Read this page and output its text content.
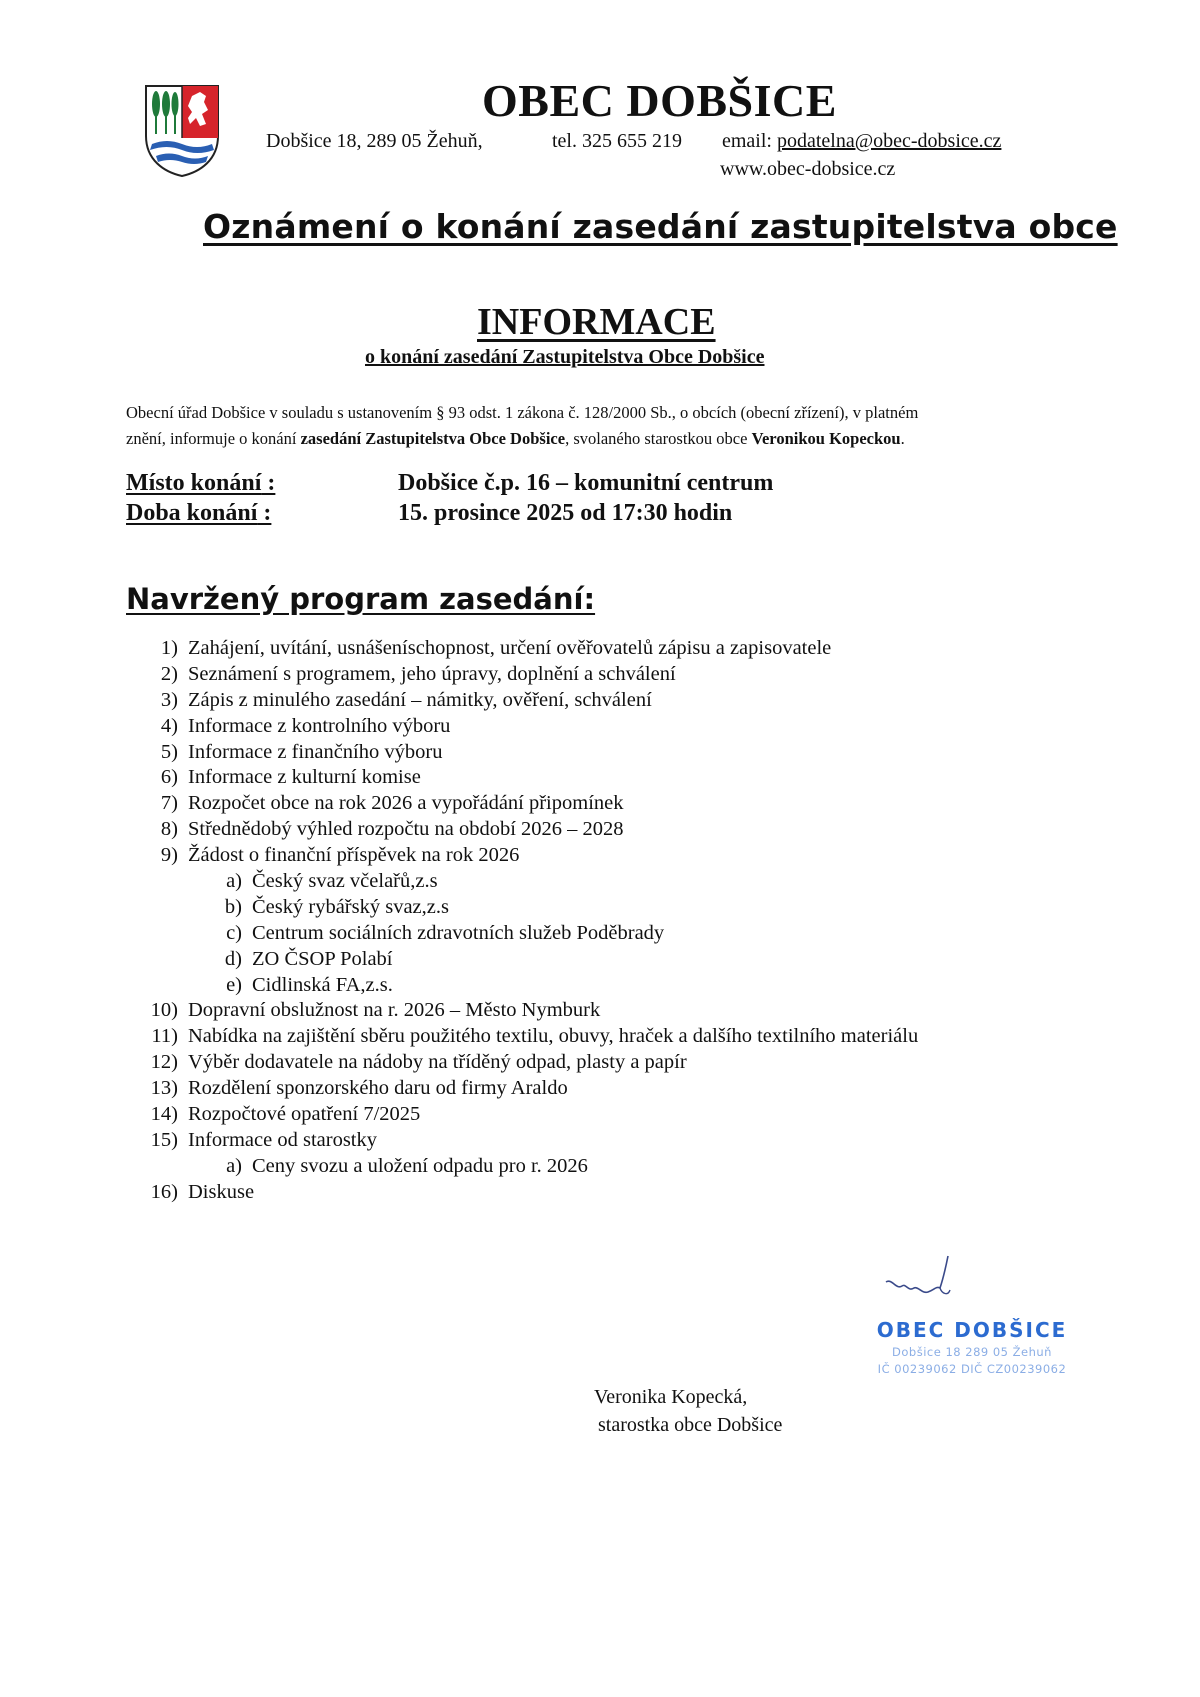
OBEC DOBŠICE
Dobšice 18, 289 05 Žehuň,	tel. 325 655 219 email: podatelna@obec-dobsice.cz
www.obec-dobsice.cz
Oznámení o konání zasedání zastupitelstva obce
INFORMACE
o konání zasedání Zastupitelstva Obce Dobšice
Obecní úřad Dobšice v souladu s ustanovením § 93 odst. 1 zákona č. 128/2000 Sb., o obcích (obecní zřízení), v platném
znění, informuje o konání zasedání Zastupitelstva Obce Dobšice, svolaného starostkou obce Veronikou Kopeckou.
Místo konání :	Dobšice č.p. 16 – komunitní centrum
Doba konání :	15. prosince 2025 od 17:30 hodin
Navržený program zasedání:
1) Zahájení, uvítání, usnášeníschopnost, určení ověřovatelů zápisu a zapisovatele
2) Seznámení s programem, jeho úpravy, doplnění a schválení
3) Zápis z minulého zasedání – námitky, ověření, schválení
4) Informace z kontrolního výboru
5) Informace z finančního výboru
6) Informace z kulturní komise
7) Rozpočet obce na rok 2026 a vypořádání připomínek
8) Střednědobý výhled rozpočtu na období 2026 – 2028
9) Žádost o finanční příspěvek na rok 2026
a) Český svaz včelařů,z.s
b) Český rybářský svaz,z.s
c) Centrum sociálních zdravotních služeb Poděbrady
d) ZO ČSOP Polabí
e) Cidlinská FA,z.s.
10) Dopravní obslužnost na r. 2026 – Město Nymburk
11) Nabídka na zajištění sběru použitého textilu, obuvy, hraček a dalšího textilního materiálu
12) Výběr dodavatele na nádoby na tříděný odpad, plasty a papír
13) Rozdělení sponzorského daru od firmy Araldo
14) Rozpočtové opatření 7/2025
15) Informace od starostky
a) Ceny svozu a uložení odpadu pro r. 2026
16) Diskuse
OBEC DOBŠICE
Dobšice 18 289 05 Žehuň
IČ 00239062 DIČ CZ00239062
Veronika Kopecká,
starostka obce Dobšice
